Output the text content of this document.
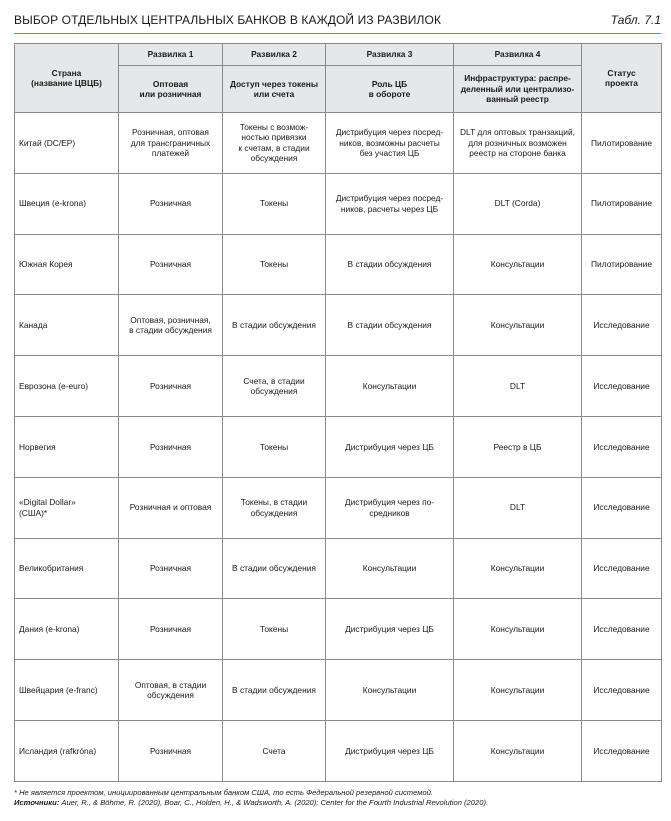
ВЫБОР ОТДЕЛЬНЫХ ЦЕНТРАЛЬНЫХ БАНКОВ В КАЖДОЙ ИЗ РАЗВИЛОК	Табл. 7.1
Страна
(название ЦВЦБ)	Развилка 1	Развилка 2	Развилка 3	Развилка 4	Статус
проекта
	Оптовая
или розничная	Доступ через токены
или счета	Роль ЦБ
в обороте	Инфраструктура: распре-
деленный или централизо-
ванный реестр	
Китай (DC/EP)	Розничная, оптовая
для трансграничных
платежей	Токены с возмож-
ностью привязки
к счетам, в стадии
обсуждения	Дистрибуция через посред-
ников, возможны расчеты
без участия ЦБ	DLT для оптовых транзакций,
для розничных возможен
реестр на стороне банка	Пилотирование
Швеция (e-krona)	Розничная	Токены	Дистрибуция через посред-
ников, расчеты через ЦБ	DLT (Corda)	Пилотирование
Южная Корея	Розничная	Токены	В стадии обсуждения	Консультации	Пилотирование
Канада	Оптовая, розничная,
в стадии обсуждения	В стадии обсуждения	В стадии обсуждения	Консультации	Исследование
Еврозона (e-euro)	Розничная	Счета, в стадии
обсуждения	Консультации	DLT	Исследование
Норвегия	Розничная	Токены	Дистрибуция через ЦБ	Реестр в ЦБ	Исследование
«Digital Dollar»
(США)*	Розничная и оптовая	Токены, в стадии
обсуждения	Дистрибуция через по-
средников	DLT	Исследование
Великобритания	Розничная	В стадии обсуждения	Консультации	Консультации	Исследование
Дания (e-krona)	Розничная	Токены	Дистрибуция через ЦБ	Консультации	Исследование
Швейцария (e-franc)	Оптовая, в стадии
обсуждения	В стадии обсуждения	Консультации	Консультации	Исследование
Исландия (rafkróna)	Розничная	Счета	Дистрибуция через ЦБ	Консультации	Исследование
* Не является проектом, инициированным центральным банком США, то есть Федеральной резервной системой.
Источники: Auer, R., & Böhme, R. (2020), Boar, C., Holden, H., & Wadsworth, A. (2020); Center for the Fourth Industrial Revolution (2020).
